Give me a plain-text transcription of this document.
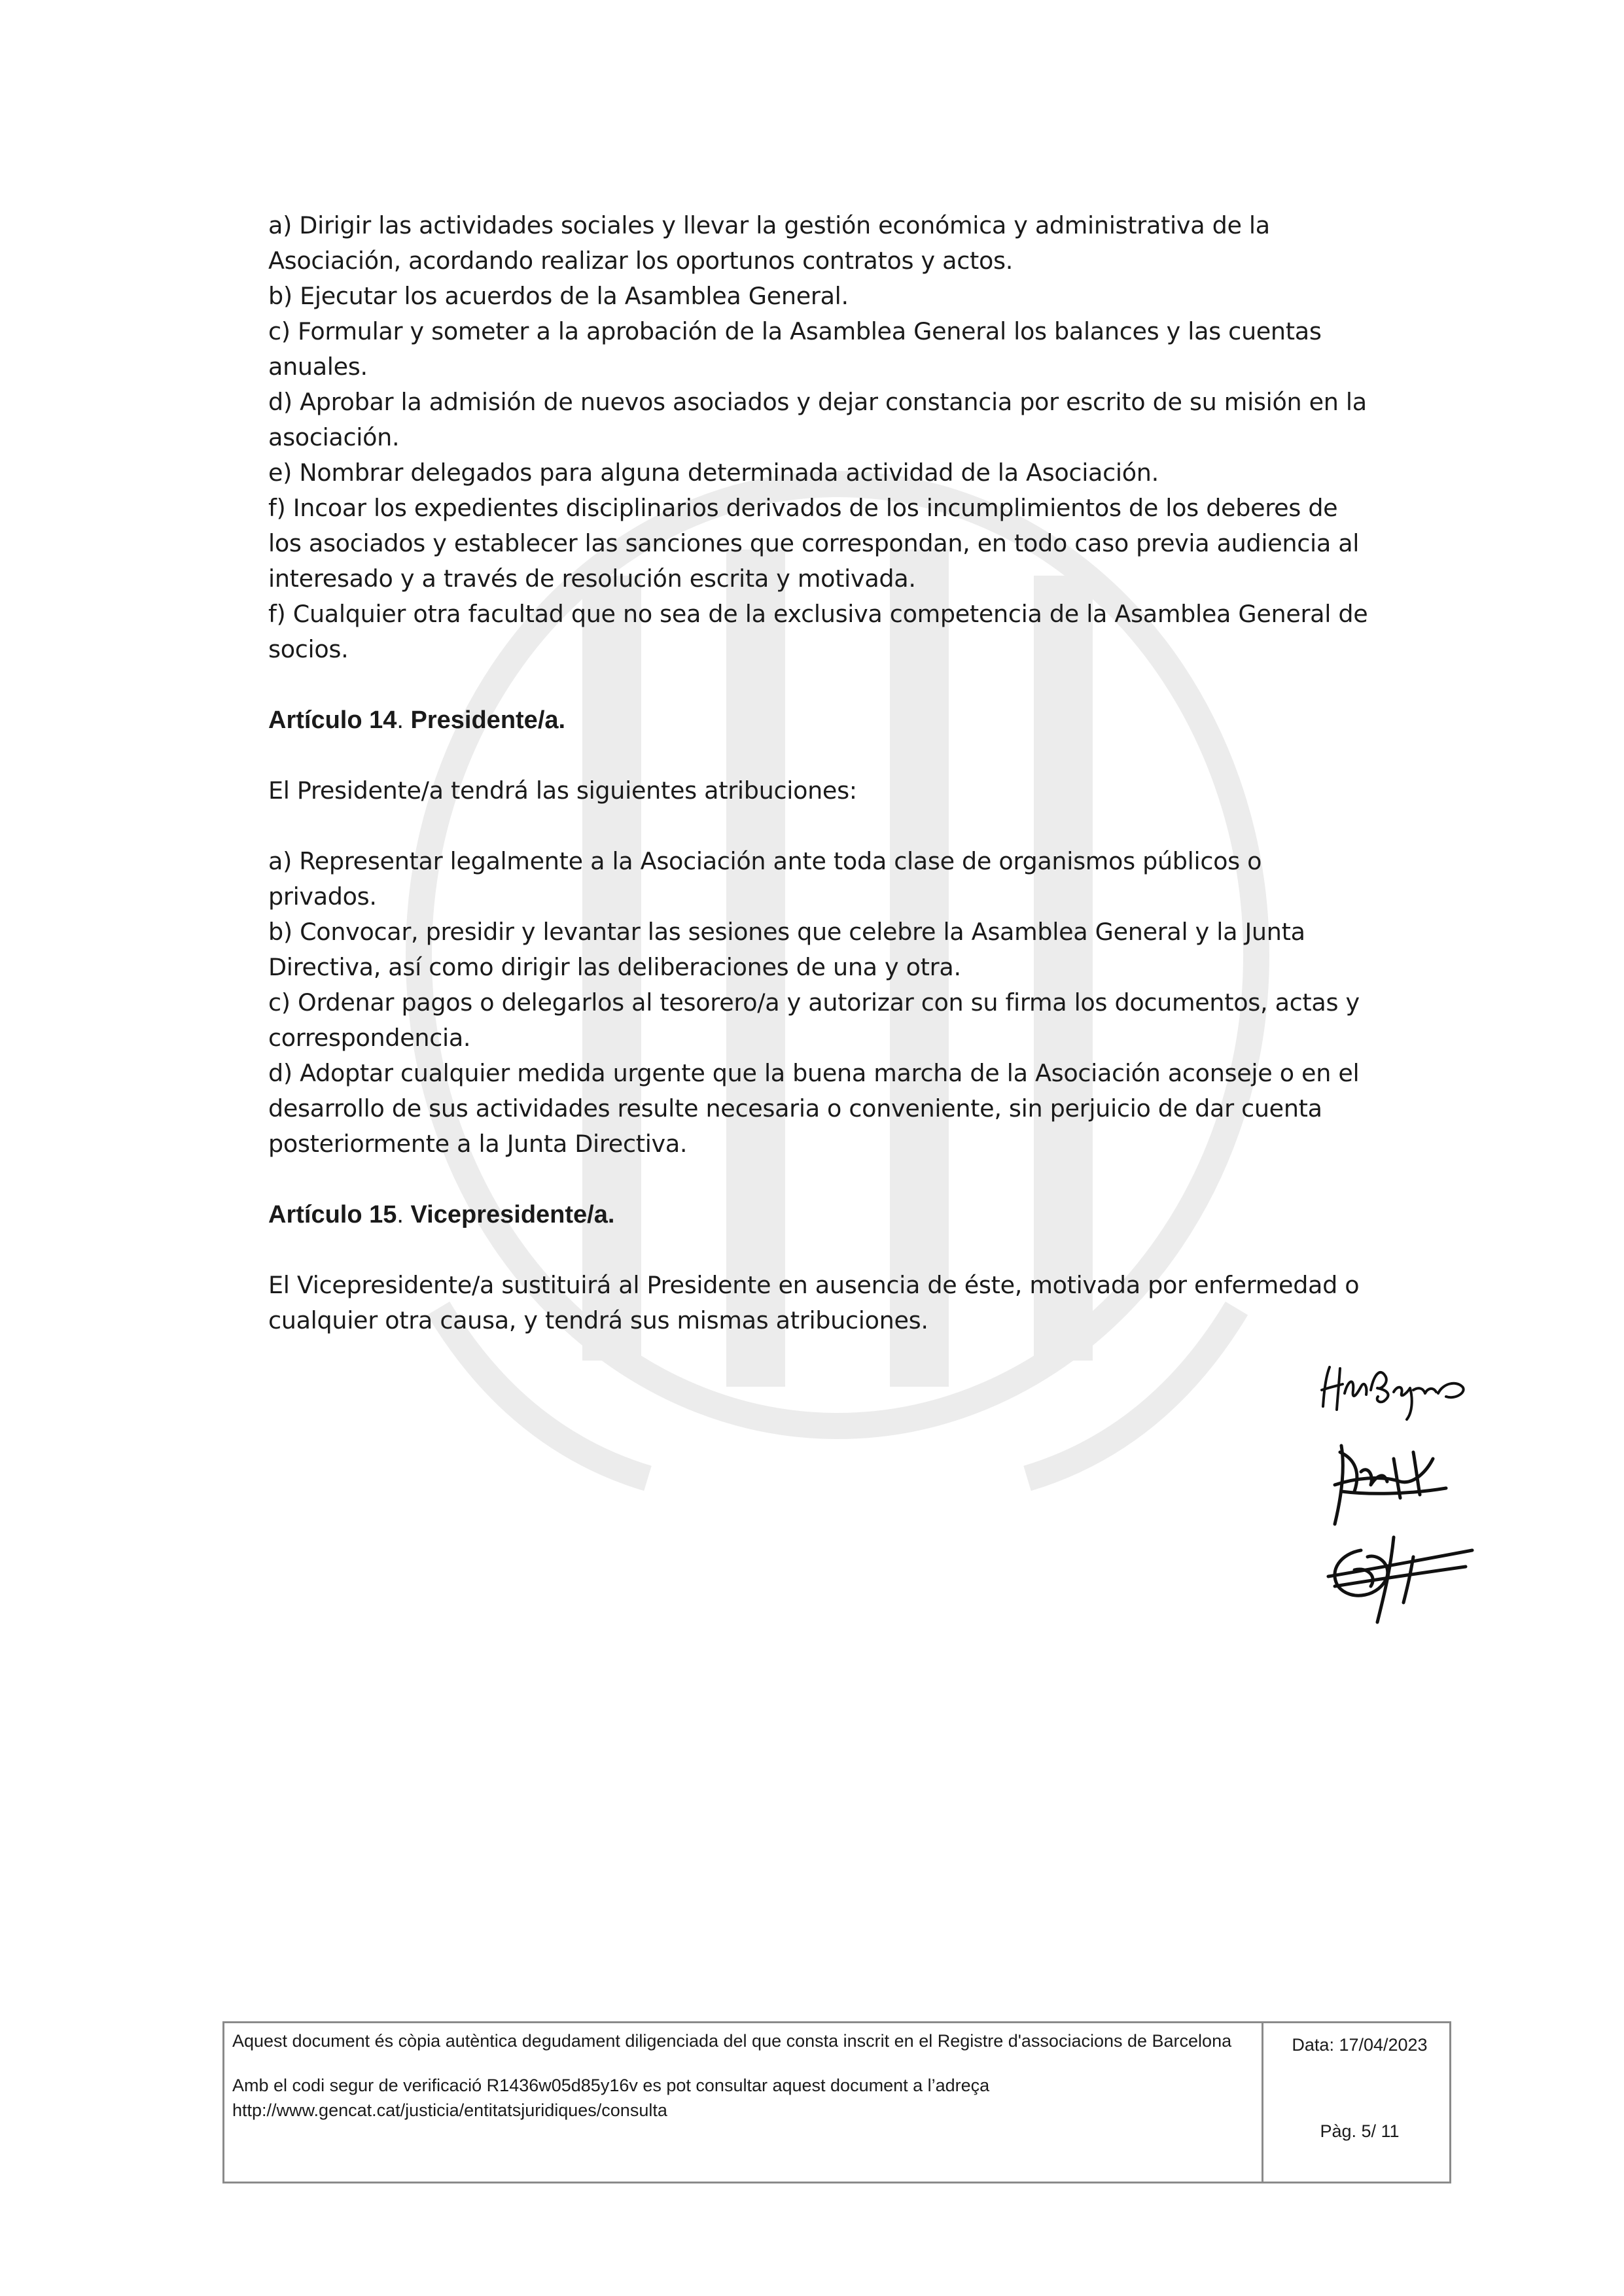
a) Dirigir las actividades sociales y llevar la gestión económica y administrativa de la Asociación, acordando realizar los oportunos contratos y actos.

b) Ejecutar los acuerdos de la Asamblea General.

c) Formular y someter a la aprobación de la Asamblea General los balances y las cuentas anuales.

d) Aprobar la admisión de nuevos asociados y dejar constancia por escrito de su misión en la asociación.

e) Nombrar delegados para alguna determinada actividad de la Asociación.

f) Incoar los expedientes disciplinarios derivados de los incumplimientos de los deberes de los asociados y establecer las sanciones que correspondan, en todo caso previa audiencia al interesado y a través de resolución escrita y motivada.

f) Cualquier otra facultad que no sea de la exclusiva competencia de la Asamblea General de socios.

Artículo 14. Presidente/a.

El Presidente/a tendrá las siguientes atribuciones:

a) Representar legalmente a la Asociación ante toda clase de organismos públicos o privados.

b) Convocar, presidir y levantar las sesiones que celebre la Asamblea General y la Junta Directiva, así como dirigir las deliberaciones de una y otra.

c) Ordenar pagos o delegarlos al tesorero/a y autorizar con su firma los documentos, actas y correspondencia.

d) Adoptar cualquier medida urgente que la buena marcha de la Asociación aconseje o en el desarrollo de sus actividades resulte necesaria o conveniente, sin perjuicio de dar cuenta posteriormente a la Junta Directiva.

Artículo 15. Vicepresidente/a.

El Vicepresidente/a sustituirá al Presidente en ausencia de éste, motivada por enfermedad o cualquier otra causa, y tendrá sus mismas atribuciones.

Aquest document és còpia autèntica degudament diligenciada del que consta inscrit en el Registre d'associacions de Barcelona

Amb el codi segur de verificació R1436w05d85y16v es pot consultar aquest document a l’adreça http://www.gencat.cat/justicia/entitatsjuridiques/consulta

Data: 17/04/2023
Pàg. 5/ 11
